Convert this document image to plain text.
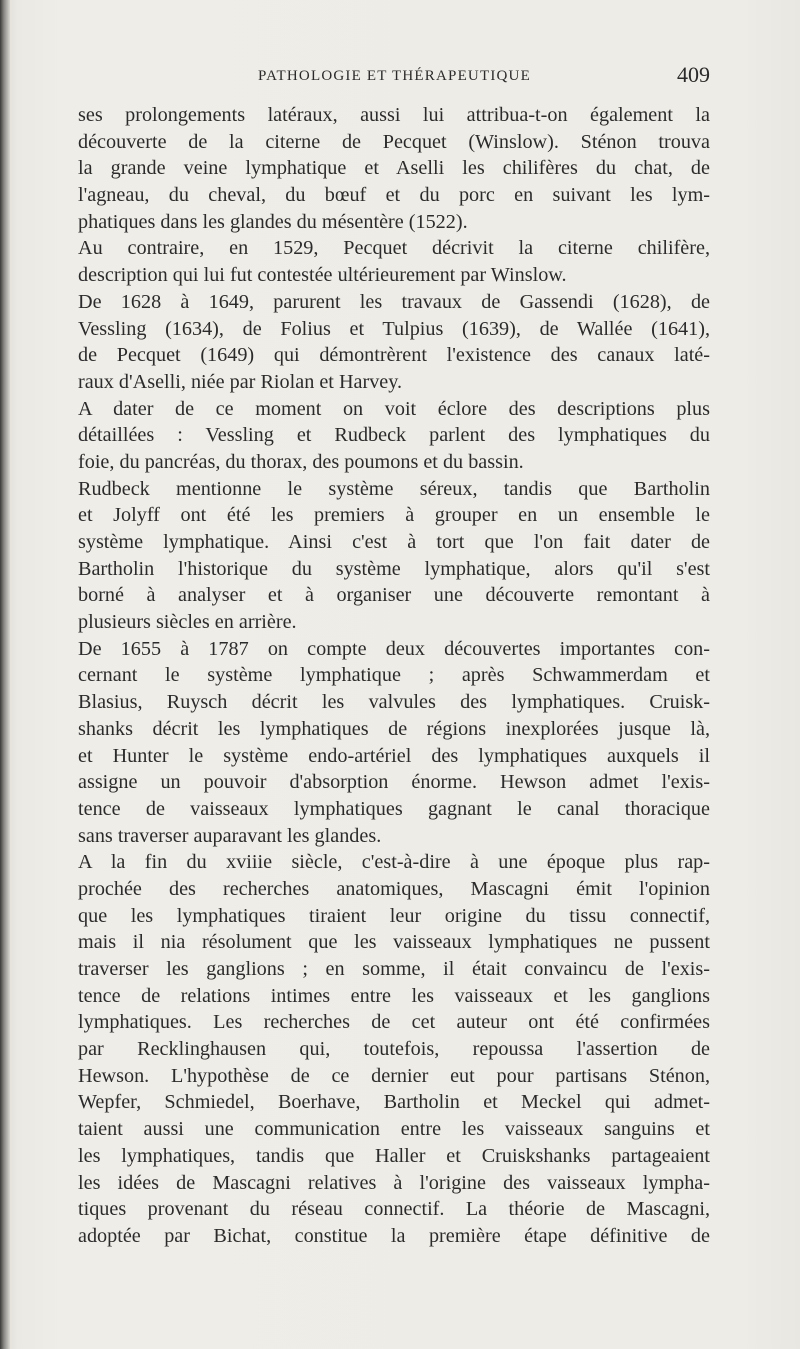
PATHOLOGIE ET THÉRAPEUTIQUE	409
ses prolongements latéraux, aussi lui attribua-t-on également la
découverte de la citerne de Pecquet (Winslow). Sténon trouva
la grande veine lymphatique et Aselli les chilifères du chat, de
l'agneau, du cheval, du bœuf et du porc en suivant les lym-
phatiques dans les glandes du mésentère (1522).
Au contraire, en 1529, Pecquet décrivit la citerne chilifère,
description qui lui fut contestée ultérieurement par Winslow.
De 1628 à 1649, parurent les travaux de Gassendi (1628), de
Vessling (1634), de Folius et Tulpius (1639), de Wallée (1641),
de Pecquet (1649) qui démontrèrent l'existence des canaux laté-
raux d'Aselli, niée par Riolan et Harvey.
A dater de ce moment on voit éclore des descriptions plus
détaillées : Vessling et Rudbeck parlent des lymphatiques du
foie, du pancréas, du thorax, des poumons et du bassin.
Rudbeck mentionne le système séreux, tandis que Bartholin
et Jolyff ont été les premiers à grouper en un ensemble le
système lymphatique. Ainsi c'est à tort que l'on fait dater de
Bartholin l'historique du système lymphatique, alors qu'il s'est
borné à analyser et à organiser une découverte remontant à
plusieurs siècles en arrière.
De 1655 à 1787 on compte deux découvertes importantes con-
cernant le système lymphatique ; après Schwammerdam et
Blasius, Ruysch décrit les valvules des lymphatiques. Cruisk-
shanks décrit les lymphatiques de régions inexplorées jusque là,
et Hunter le système endo-artériel des lymphatiques auxquels il
assigne un pouvoir d'absorption énorme. Hewson admet l'exis-
tence de vaisseaux lymphatiques gagnant le canal thoracique
sans traverser auparavant les glandes.
A la fin du xviiie siècle, c'est-à-dire à une époque plus rap-
prochée des recherches anatomiques, Mascagni émit l'opinion
que les lymphatiques tiraient leur origine du tissu connectif,
mais il nia résolument que les vaisseaux lymphatiques ne pussent
traverser les ganglions ; en somme, il était convaincu de l'exis-
tence de relations intimes entre les vaisseaux et les ganglions
lymphatiques. Les recherches de cet auteur ont été confirmées
par Recklinghausen qui, toutefois, repoussa l'assertion de
Hewson. L'hypothèse de ce dernier eut pour partisans Sténon,
Wepfer, Schmiedel, Boerhave, Bartholin et Meckel qui admet-
taient aussi une communication entre les vaisseaux sanguins et
les lymphatiques, tandis que Haller et Cruiskshanks partageaient
les idées de Mascagni relatives à l'origine des vaisseaux lympha-
tiques provenant du réseau connectif. La théorie de Mascagni,
adoptée par Bichat, constitue la première étape définitive de
